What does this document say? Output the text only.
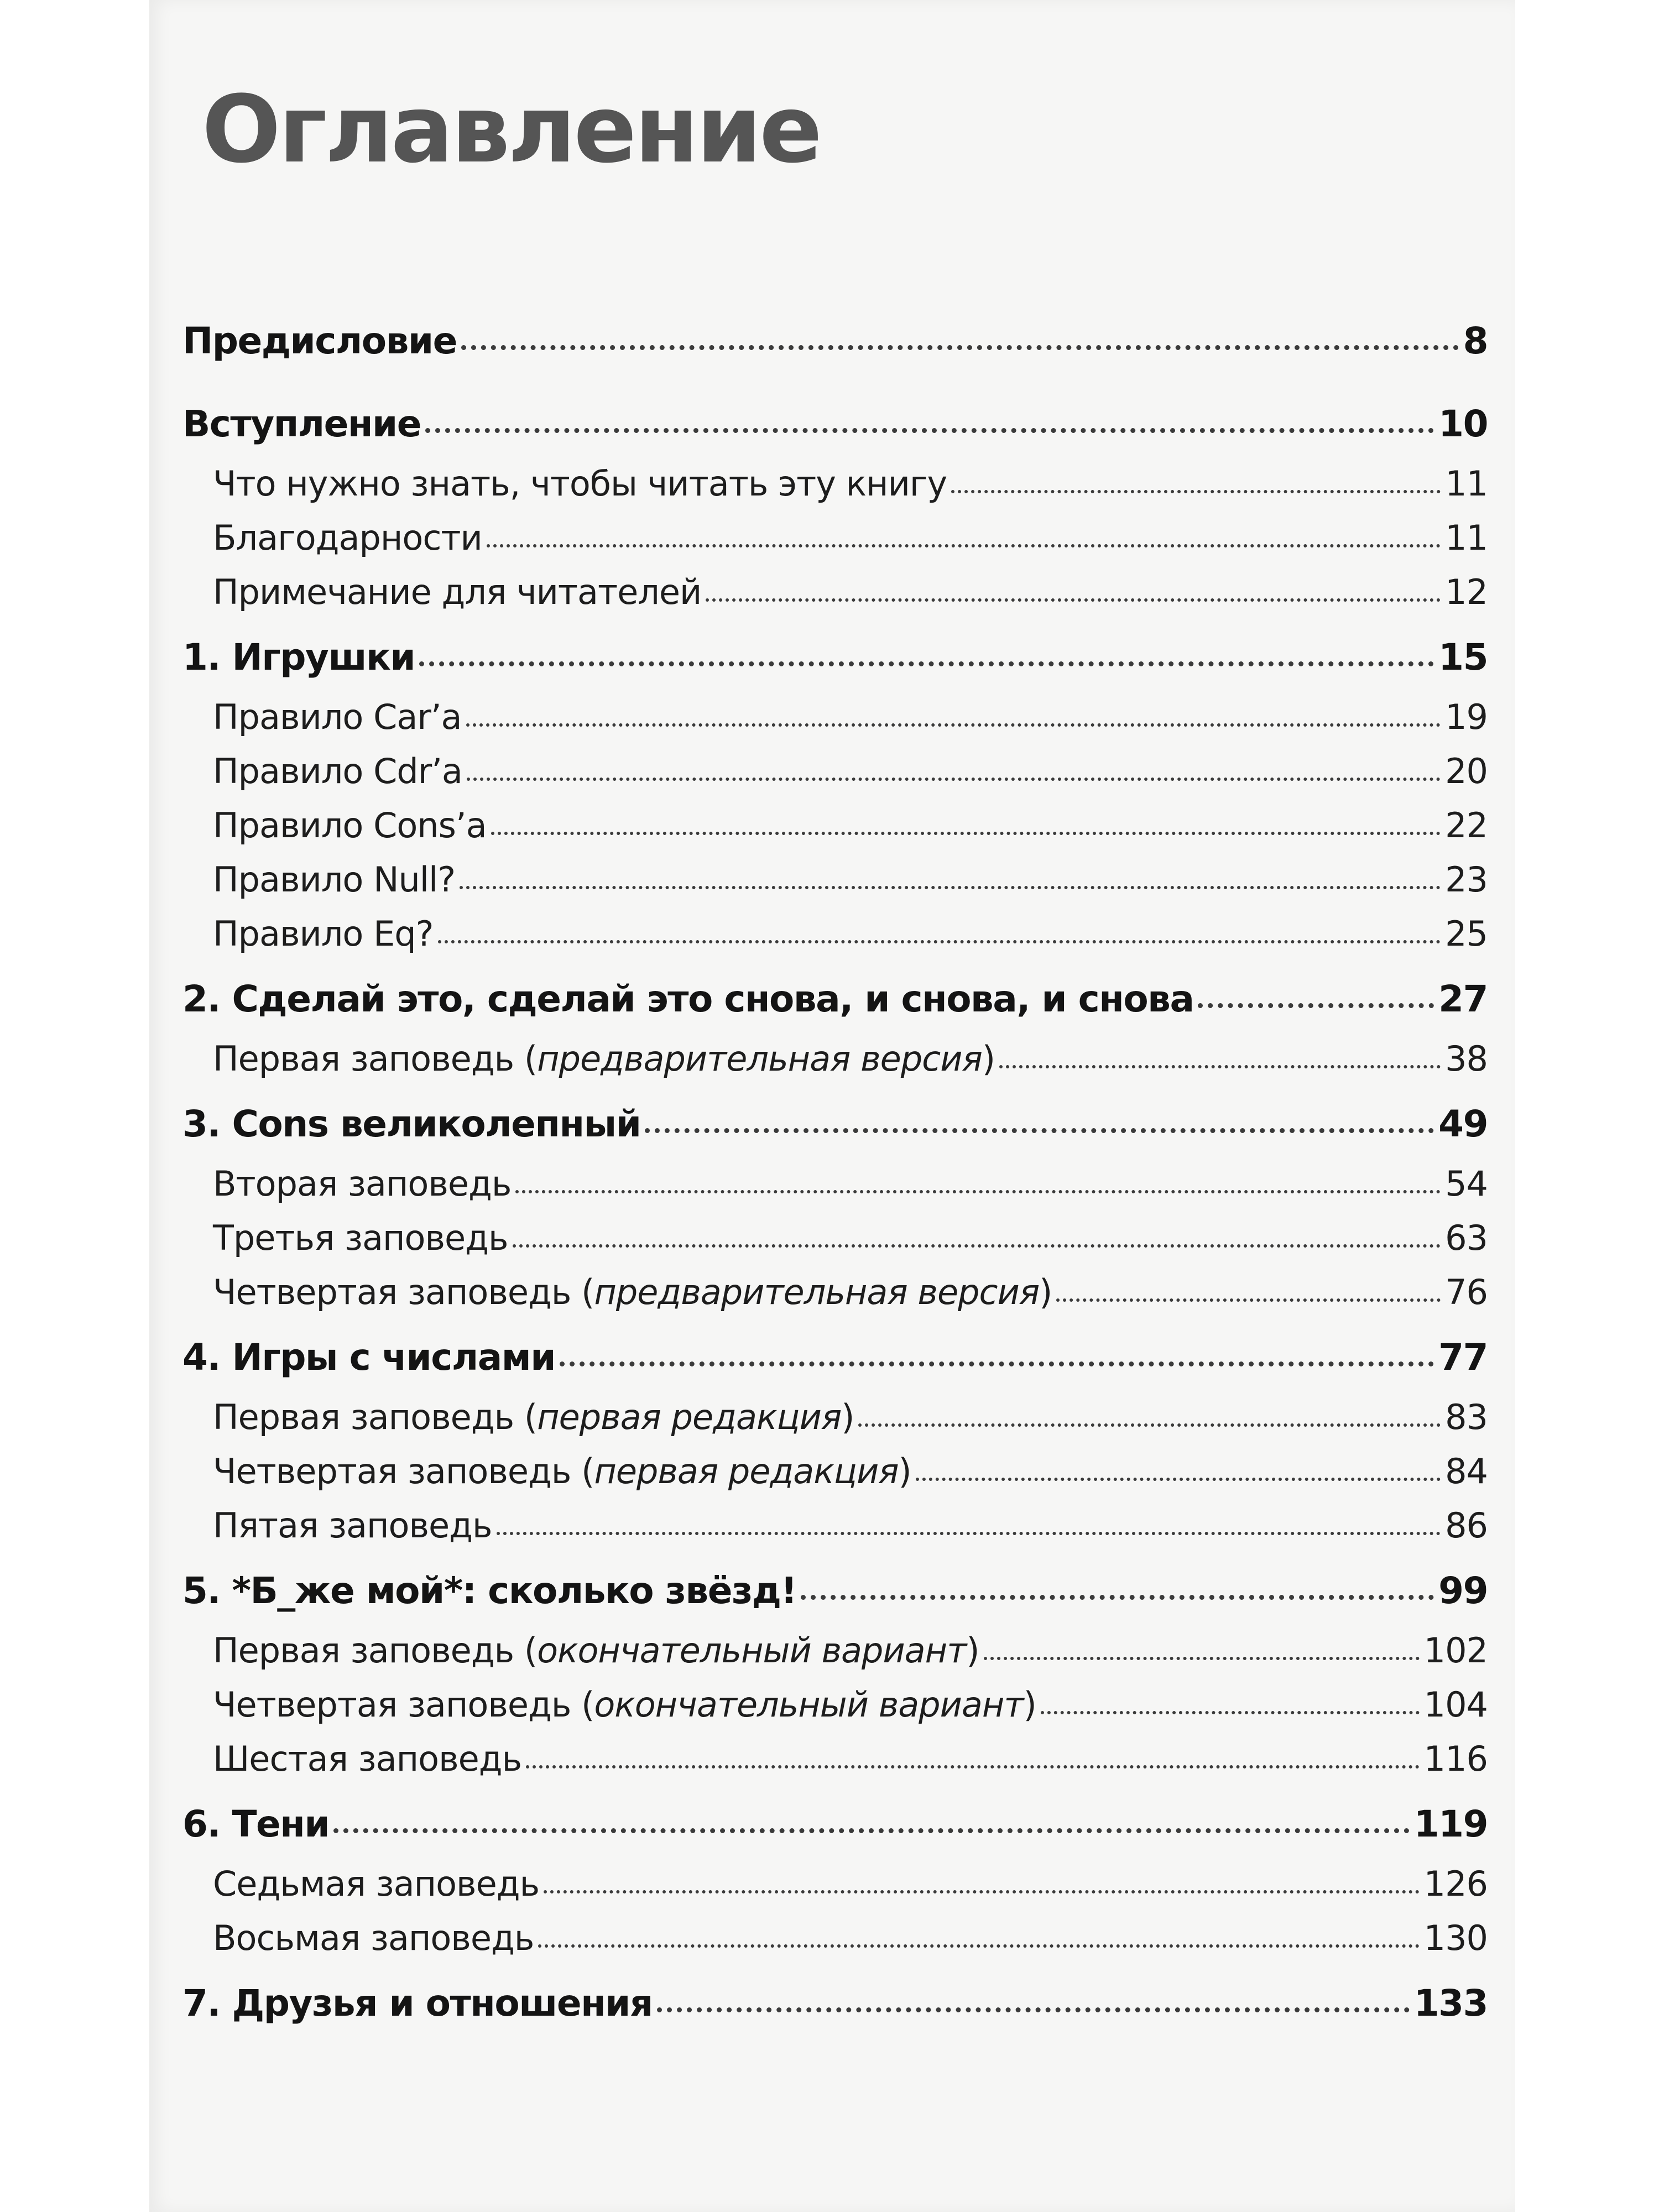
Оглавление
Предисловие	8
Вступление	10
Что нужно знать, чтобы читать эту книгу	11
Благодарности	11
Примечание для читателей	12
1. Игрушки	15
Правило Car’a	19
Правило Cdr’a	20
Правило Cons’a	22
Правило Null?	23
Правило Eq?	25
2. Сделай это, сделай это снова, и снова, и снова	27
Первая заповедь (предварительная версия)	38
3. Cons великолепный	49
Вторая заповедь	54
Третья заповедь	63
Четвертая заповедь (предварительная версия)	76
4. Игры с числами	77
Первая заповедь (первая редакция)	83
Четвертая заповедь (первая редакция)	84
Пятая заповедь	86
5. *Б_же мой*: сколько звёзд!	99
Первая заповедь (окончательный вариант)	102
Четвертая заповедь (окончательный вариант)	104
Шестая заповедь	116
6. Тени	119
Седьмая заповедь	126
Восьмая заповедь	130
7. Друзья и отношения	133
